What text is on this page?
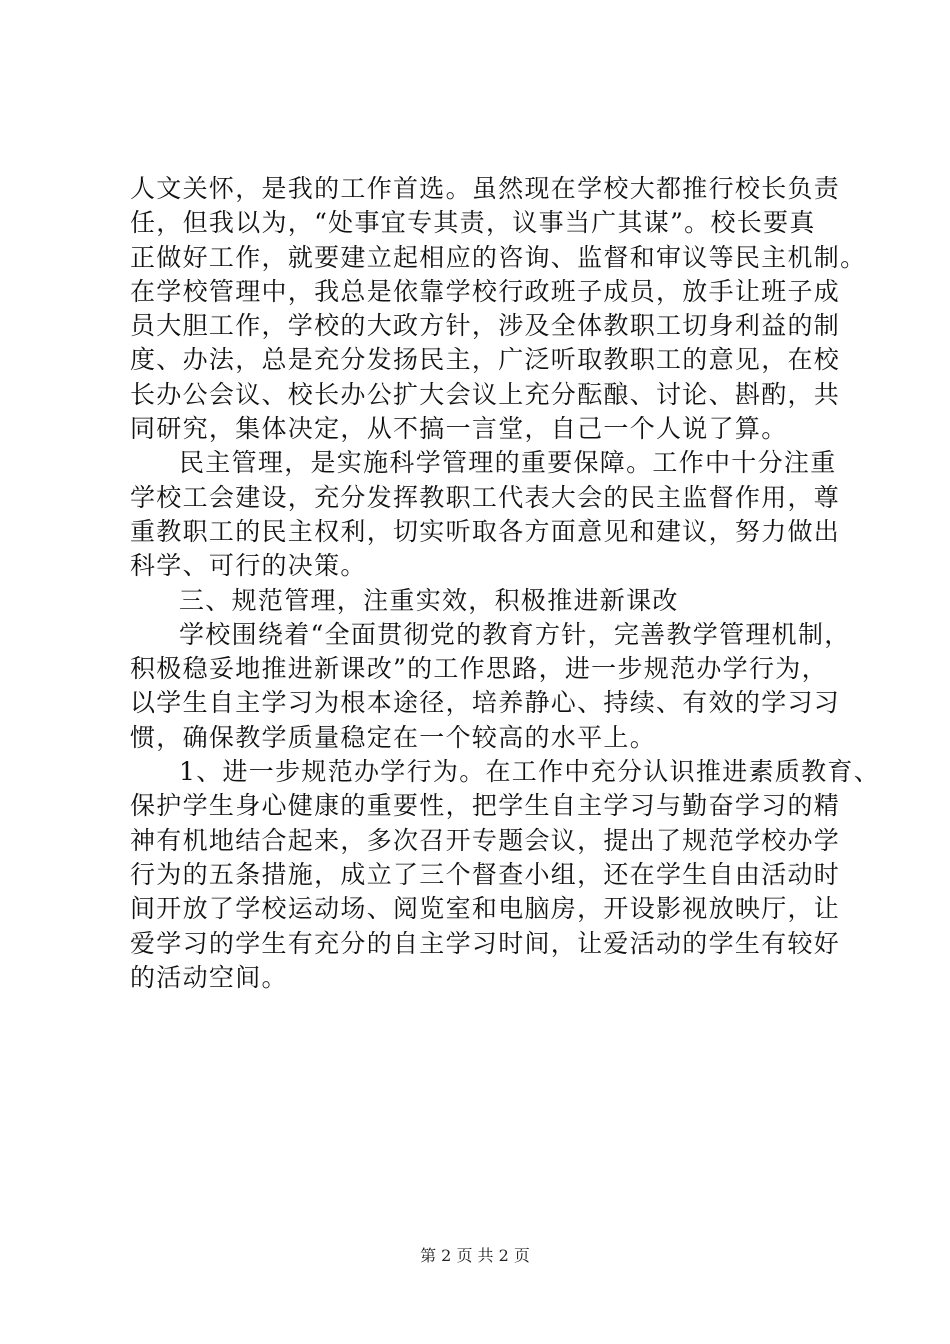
人文关怀，是我的工作首选。虽然现在学校大都推行校长负责
任，但我以为，“处事宜专其责，议事当广其谋”。校长要真
正做好工作，就要建立起相应的咨询、监督和审议等民主机制。
在学校管理中，我总是依靠学校行政班子成员，放手让班子成
员大胆工作，学校的大政方针，涉及全体教职工切身利益的制
度、办法，总是充分发扬民主，广泛听取教职工的意见，在校
长办公会议、校长办公扩大会议上充分酝酿、讨论、斟酌，共
同研究，集体决定，从不搞一言堂，自己一个人说了算。
民主管理，是实施科学管理的重要保障。工作中十分注重
学校工会建设，充分发挥教职工代表大会的民主监督作用，尊
重教职工的民主权利，切实听取各方面意见和建议，努力做出
科学、可行的决策。
三、规范管理，注重实效，积极推进新课改
学校围绕着“全面贯彻党的教育方针，完善教学管理机制，
积极稳妥地推进新课改”的工作思路，进一步规范办学行为，
以学生自主学习为根本途径，培养静心、持续、有效的学习习
惯，确保教学质量稳定在一个较高的水平上。
1、进一步规范办学行为。在工作中充分认识推进素质教育、
保护学生身心健康的重要性，把学生自主学习与勤奋学习的精
神有机地结合起来，多次召开专题会议，提出了规范学校办学
行为的五条措施，成立了三个督查小组，还在学生自由活动时
间开放了学校运动场、阅览室和电脑房，开设影视放映厅，让
爱学习的学生有充分的自主学习时间，让爱活动的学生有较好
的活动空间。
第 2 页 共 2 页
